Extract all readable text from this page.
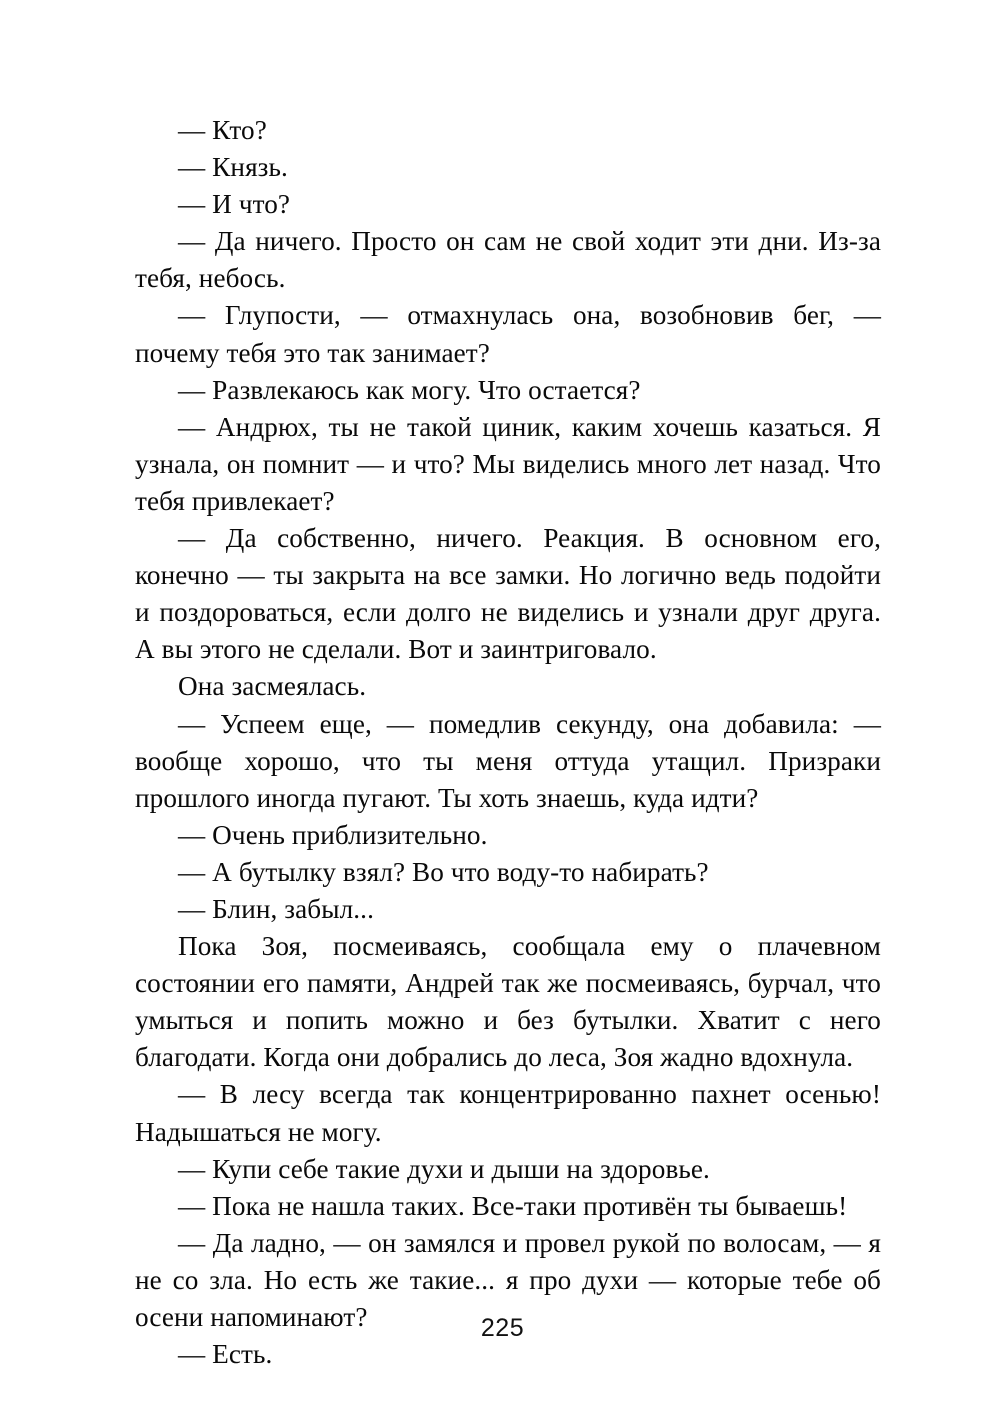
— Кто?

— Князь.

— И что?

— Да ничего. Просто он сам не свой ходит эти дни. Из-за тебя, небось.

— Глупости, — отмахнулась она, возобновив бег, — почему тебя это так занимает?

— Развлекаюсь как могу. Что остается?

— Андрюх, ты не такой циник, каким хочешь казаться. Я узнала, он помнит — и что? Мы виделись много лет назад. Что тебя привлекает?

— Да собственно, ничего. Реакция. В основном его, конечно — ты закрыта на все замки. Но логично ведь подойти и поздороваться, если долго не виделись и узнали друг друга. А вы этого не сделали. Вот и заинтриговало.

Она засмеялась.

— Успеем еще, — помедлив секунду, она добавила: — вообще хорошо, что ты меня оттуда утащил. Призраки прошлого иногда пугают. Ты хоть знаешь, куда идти?

— Очень приблизительно.

— А бутылку взял? Во что воду-то набирать?

— Блин, забыл...

Пока Зоя, посмеиваясь, сообщала ему о плачевном состоянии его памяти, Андрей так же посмеиваясь, бурчал, что умыться и попить можно и без бутылки. Хватит с него благодати. Когда они добрались до леса, Зоя жадно вдохнула.

— В лесу всегда так концентрированно пахнет осенью! Надышаться не могу.

— Купи себе такие духи и дыши на здоровье.

— Пока не нашла таких. Все-таки противён ты бываешь!

— Да ладно, — он замялся и провел рукой по волосам, — я не со зла. Но есть же такие... я про духи — которые тебе об осени напоминают?

— Есть.

225
